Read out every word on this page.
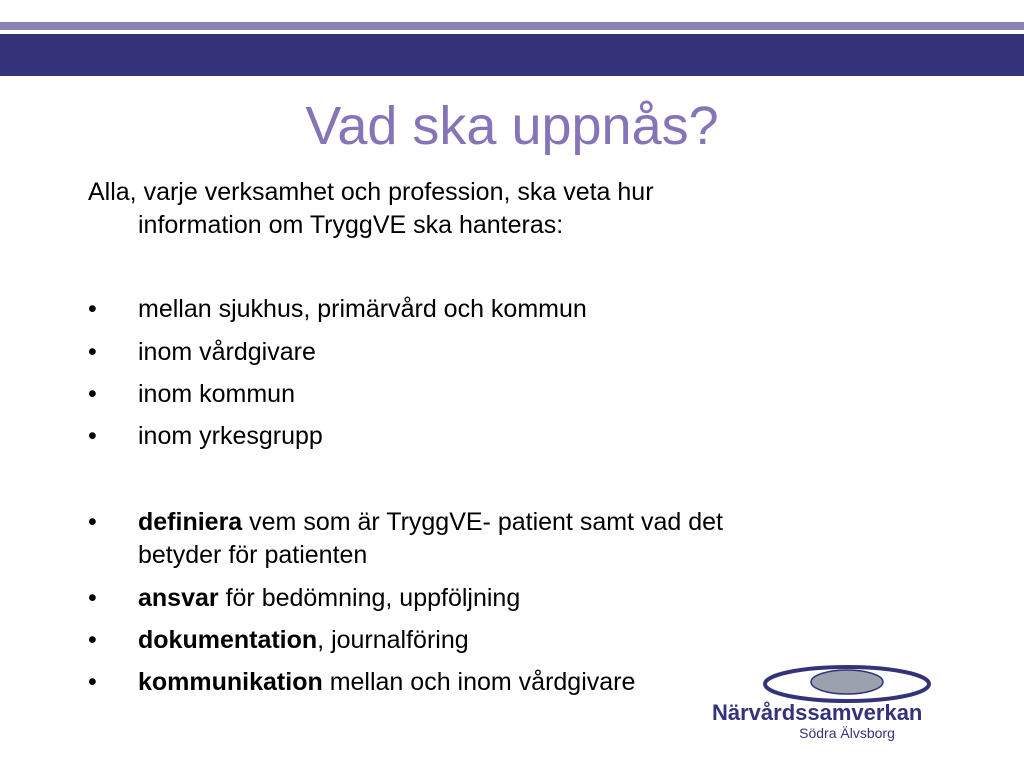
Vad ska uppnås?
Alla, varje verksamhet och profession, ska veta hur
information om TryggVE ska hanteras:
• mellan sjukhus, primärvård och kommun
• inom vårdgivare
• inom kommun
• inom yrkesgrupp
• definiera vem som är TryggVE- patient samt vad det
betyder för patienten
• ansvar för bedömning, uppföljning
• dokumentation, journalföring
• kommunikation mellan och inom vårdgivare
Närvårdssamverkan
Södra Älvsborg
